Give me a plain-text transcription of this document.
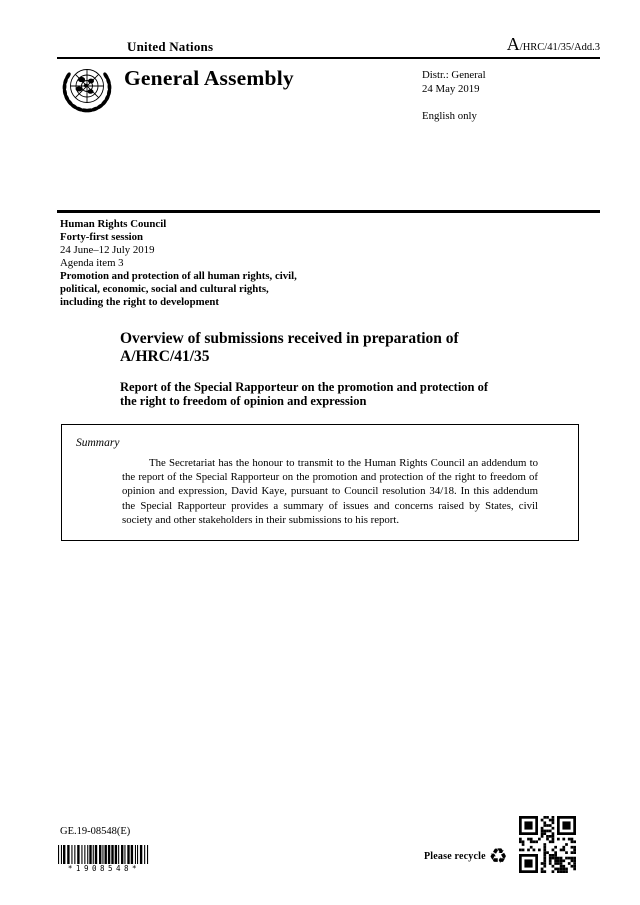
United Nations	A/HRC/41/35/Add.3
General Assembly	Distr.: General
24 May 2019
English only
Human Rights Council
Forty-first session
24 June–12 July 2019
Agenda item 3
Promotion and protection of all human rights, civil,
political, economic, social and cultural rights,
including the right to development
Overview of submissions received in preparation of
A/HRC/41/35
Report of the Special Rapporteur on the promotion and protection of
the right to freedom of opinion and expression
Summary
The Secretariat has the honour to transmit to the Human Rights Council an addendum to the report of the Special Rapporteur on the promotion and protection of the right to freedom of opinion and expression, David Kaye, pursuant to Council resolution 34/18. In this addendum the Special Rapporteur provides a summary of issues and concerns raised by States, civil society and other stakeholders in their submissions to his report.
GE.19-08548(E)
*1908548*
Please recycle ♻
